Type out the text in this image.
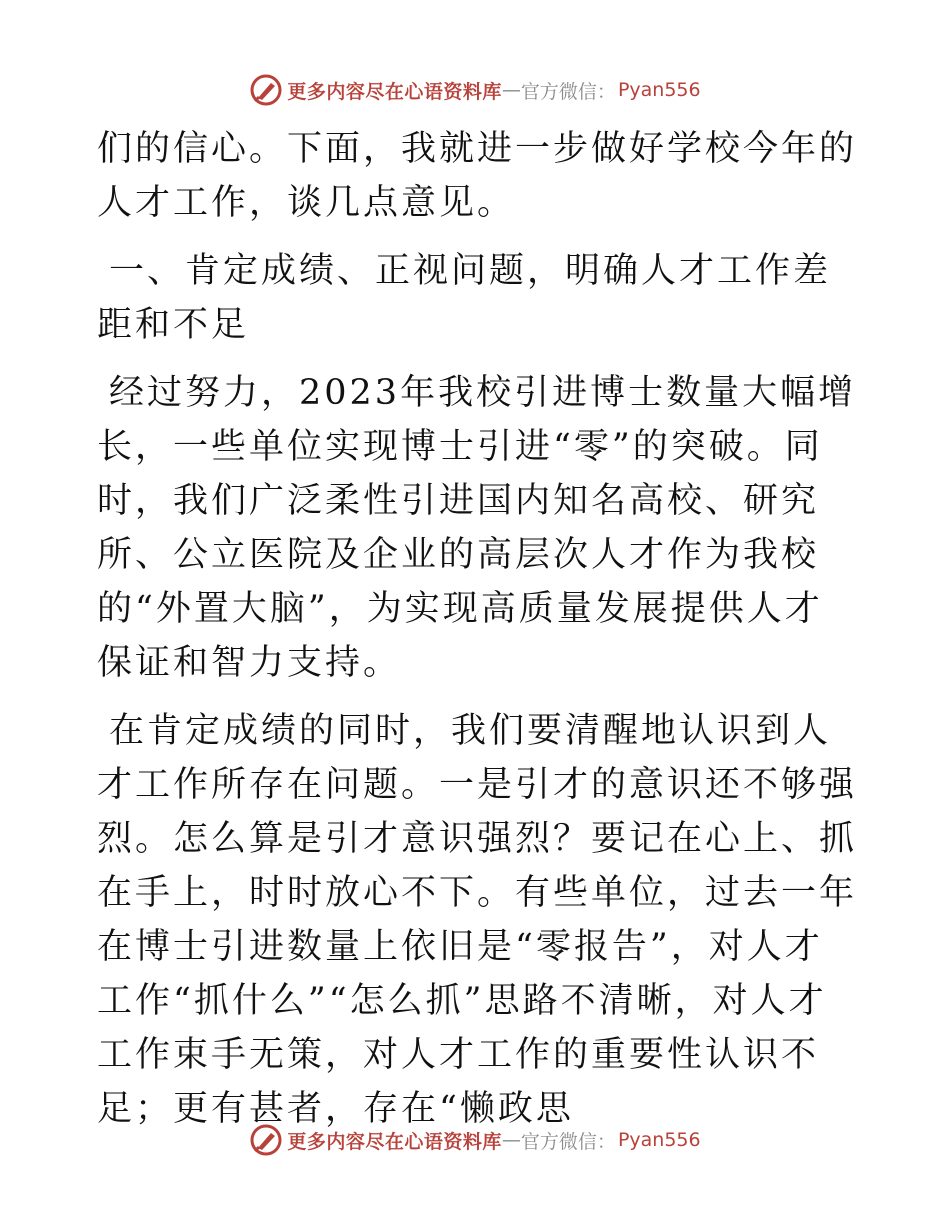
更多内容尽在心语资料库 — 官方微信： Pyan556

们的信心。下面，我就进一步做好学校今年的人才工作，谈几点意见。

一、肯定成绩、正视问题，明确人才工作差距和不足

经过努力，2023年我校引进博士数量大幅增长，一些单位实现博士引进“零”的突破。同时，我们广泛柔性引进国内知名高校、研究所、公立医院及企业的高层次人才作为我校的“外置大脑”，为实现高质量发展提供人才保证和智力支持。

在肯定成绩的同时，我们要清醒地认识到人才工作所存在问题。一是引才的意识还不够强烈。怎么算是引才意识强烈？要记在心上、抓在手上，时时放心不下。有些单位，过去一年在博士引进数量上依旧是“零报告”，对人才工作“抓什么”“怎么抓”思路不清晰，对人才工作束手无策，对人才工作的重要性认识不足；更有甚者，存在“懒政思

更多内容尽在心语资料库 — 官方微信： Pyan556
